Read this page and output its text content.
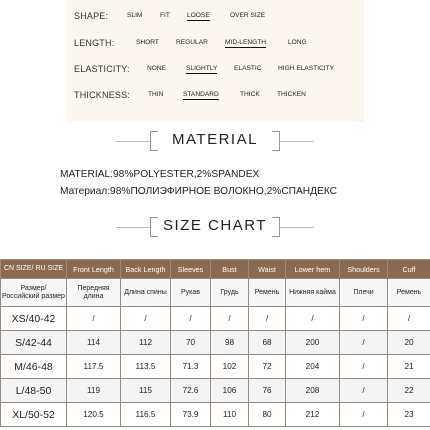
SHAPE:	SLIM	FIT	LOOSE	OVER SIZE
LENGTH:	SHORT	REGULAR	MID-LENGTH	LONG
ELASTICITY:	NONE	SLIGHTLY	ELASTIC	HIGH ELASTICITY
THICKNESS:	THIN	STANDARD	THICK	THICKEN
MATERIAL
MATERIAL:98%POLYESTER,2%SPANDEX
Материал:98%ПОЛИЭФИРНОЕ ВОЛОКНО,2%СПАНДЕКС
SIZE CHART
CN SIZE/ RU SIZE	Front Length	Back Length	Sleeves	Bust	Waist	Lower hem	Shoulders	Cuff
Размер/ Российский размер	Передняя длина	Длина спины	Рукав	Грудь	Ремень	Нижняя кайма	Плечи	Ремень
XS/40-42	/	/	/	/	/	/	/	/
S/42-44	114	112	70	98	68	200	/	20
M/46-48	117.5	113.5	71.3	102	72	204	/	21
L/48-50	119	115	72.6	106	76	208	/	22
XL/50-52	120.5	116.5	73.9	110	80	212	/	23
